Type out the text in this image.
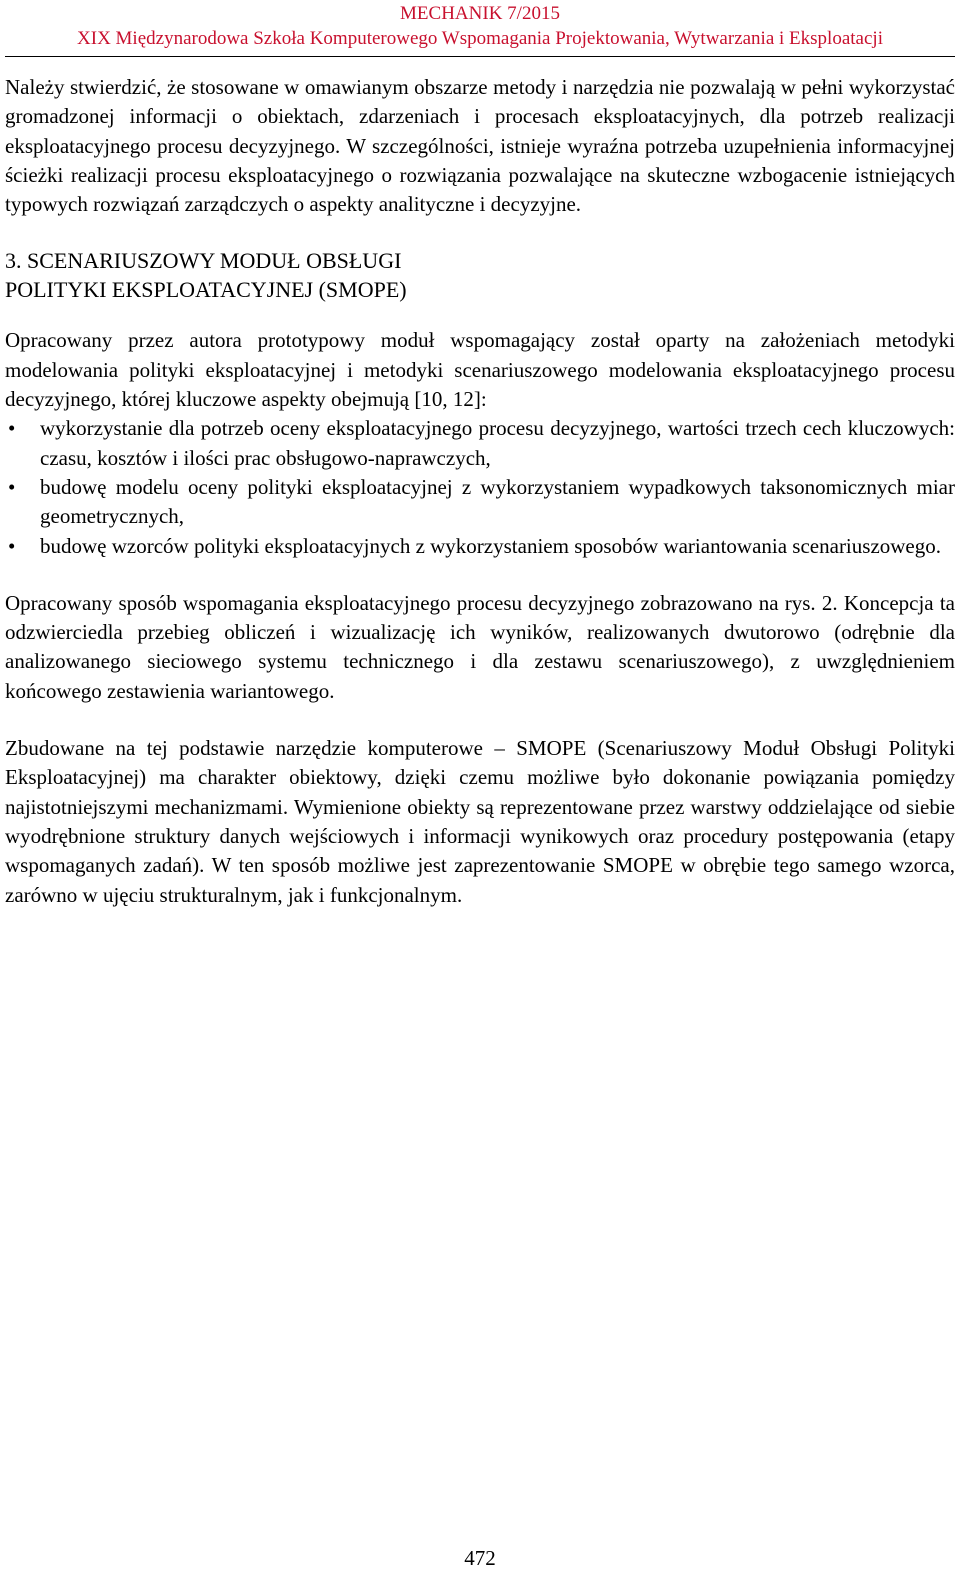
MECHANIK 7/2015
XIX Międzynarodowa Szkoła Komputerowego Wspomagania Projektowania, Wytwarzania i Eksploatacji

Należy stwierdzić, że stosowane w omawianym obszarze metody i narzędzia nie pozwalają w pełni wykorzystać gromadzonej informacji o obiektach, zdarzeniach i procesach eksploatacyjnych, dla potrzeb realizacji eksploatacyjnego procesu decyzyjnego. W szczególności, istnieje wyraźna potrzeba uzupełnienia informacyjnej ścieżki realizacji procesu eksploatacyjnego o rozwiązania pozwalające na skuteczne wzbogacenie istniejących typowych rozwiązań zarządczych o aspekty analityczne i decyzyjne.

3. SCENARIUSZOWY MODUŁ OBSŁUGI
POLITYKI EKSPLOATACYJNEJ (SMOPE)

Opracowany przez autora prototypowy moduł wspomagający został oparty na założeniach metodyki modelowania polityki eksploatacyjnej i metodyki scenariuszowego modelowania eksploatacyjnego procesu decyzyjnego, której kluczowe aspekty obejmują [10, 12]:

• wykorzystanie dla potrzeb oceny eksploatacyjnego procesu decyzyjnego, wartości trzech cech kluczowych: czasu, kosztów i ilości prac obsługowo-naprawczych,
• budowę modelu oceny polityki eksploatacyjnej z wykorzystaniem wypadkowych taksonomicznych miar geometrycznych,
• budowę wzorców polityki eksploatacyjnych z wykorzystaniem sposobów wariantowania scenariuszowego.

Opracowany sposób wspomagania eksploatacyjnego procesu decyzyjnego zobrazowano na rys. 2. Koncepcja ta odzwierciedla przebieg obliczeń i wizualizację ich wyników, realizowanych dwutorowo (odrębnie dla analizowanego sieciowego systemu technicznego i dla zestawu scenariuszowego), z uwzględnieniem końcowego zestawienia wariantowego.

Zbudowane na tej podstawie narzędzie komputerowe – SMOPE (Scenariuszowy Moduł Obsługi Polityki Eksploatacyjnej) ma charakter obiektowy, dzięki czemu możliwe było dokonanie powiązania pomiędzy najistotniejszymi mechanizmami. Wymienione obiekty są reprezentowane przez warstwy oddzielające od siebie wyodrębnione struktury danych wejściowych i informacji wynikowych oraz procedury postępowania (etapy wspomaganych zadań). W ten sposób możliwe jest zaprezentowanie SMOPE w obrębie tego samego wzorca, zarówno w ujęciu strukturalnym, jak i funkcjonalnym.

472
